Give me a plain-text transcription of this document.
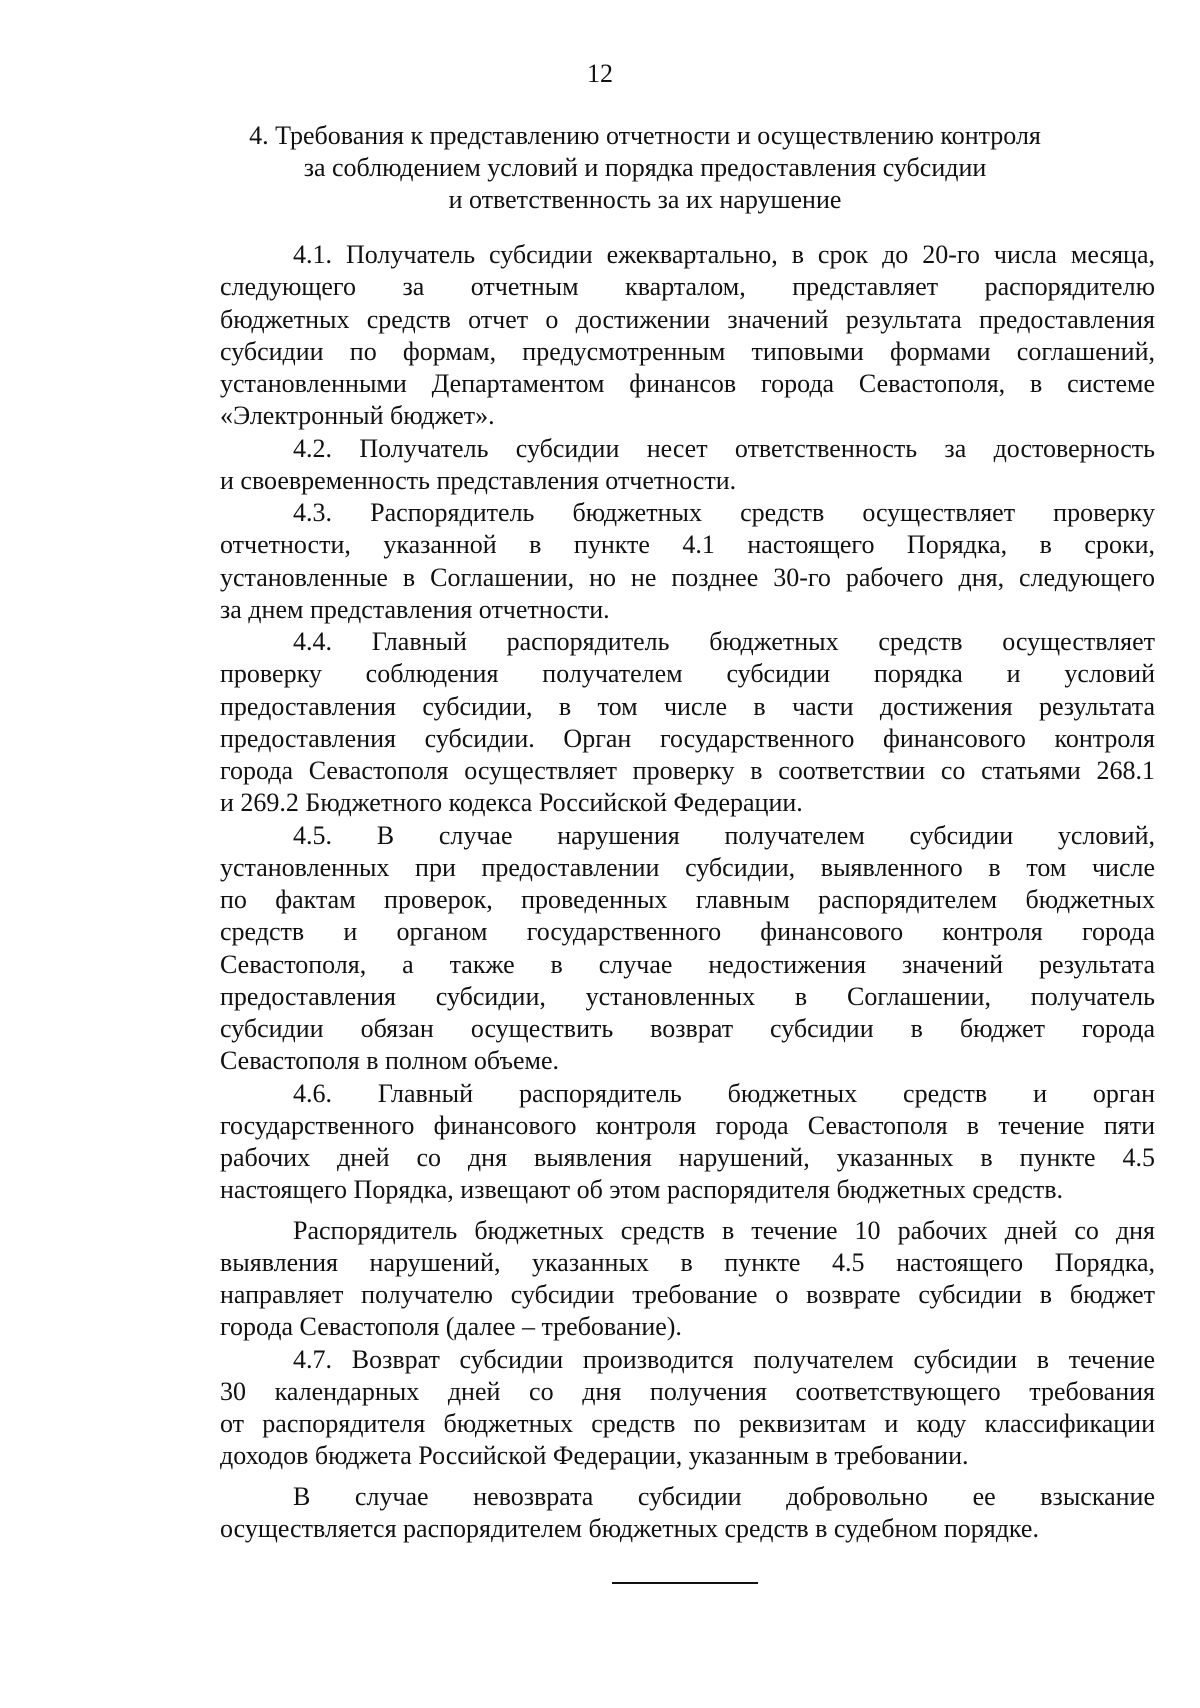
12
4. Требования к представлению отчетности и осуществлению контроля
за соблюдением условий и порядка предоставления субсидии
и ответственность за их нарушение

4.1. Получатель субсидии ежеквартально, в срок до 20-го числа месяца,
следующего за отчетным кварталом, представляет распорядителю
бюджетных средств отчет о достижении значений результата предоставления
субсидии по формам, предусмотренным типовыми формами соглашений,
установленными Департаментом финансов города Севастополя, в системе
«Электронный бюджет».

4.2. Получатель субсидии несет ответственность за достоверность
и своевременность представления отчетности.

4.3. Распорядитель бюджетных средств осуществляет проверку
отчетности, указанной в пункте 4.1 настоящего Порядка, в сроки,
установленные в Соглашении, но не позднее 30-го рабочего дня, следующего
за днем представления отчетности.

4.4. Главный распорядитель бюджетных средств осуществляет
проверку соблюдения получателем субсидии порядка и условий
предоставления субсидии, в том числе в части достижения результата
предоставления субсидии. Орган государственного финансового контроля
города Севастополя осуществляет проверку в соответствии со статьями 268.1
и 269.2 Бюджетного кодекса Российской Федерации.

4.5. В случае нарушения получателем субсидии условий,
установленных при предоставлении субсидии, выявленного в том числе
по фактам проверок, проведенных главным распорядителем бюджетных
средств и органом государственного финансового контроля города
Севастополя, а также в случае недостижения значений результата
предоставления субсидии, установленных в Соглашении, получатель
субсидии обязан осуществить возврат субсидии в бюджет города
Севастополя в полном объеме.

4.6. Главный распорядитель бюджетных средств и орган
государственного финансового контроля города Севастополя в течение пяти
рабочих дней со дня выявления нарушений, указанных в пункте 4.5
настоящего Порядка, извещают об этом распорядителя бюджетных средств.

Распорядитель бюджетных средств в течение 10 рабочих дней со дня
выявления нарушений, указанных в пункте 4.5 настоящего Порядка,
направляет получателю субсидии требование о возврате субсидии в бюджет
города Севастополя (далее – требование).

4.7. Возврат субсидии производится получателем субсидии в течение
30 календарных дней со дня получения соответствующего требования
от распорядителя бюджетных средств по реквизитам и коду классификации
доходов бюджета Российской Федерации, указанным в требовании.

В случае невозврата субсидии добровольно ее взыскание
осуществляется распорядителем бюджетных средств в судебном порядке.
